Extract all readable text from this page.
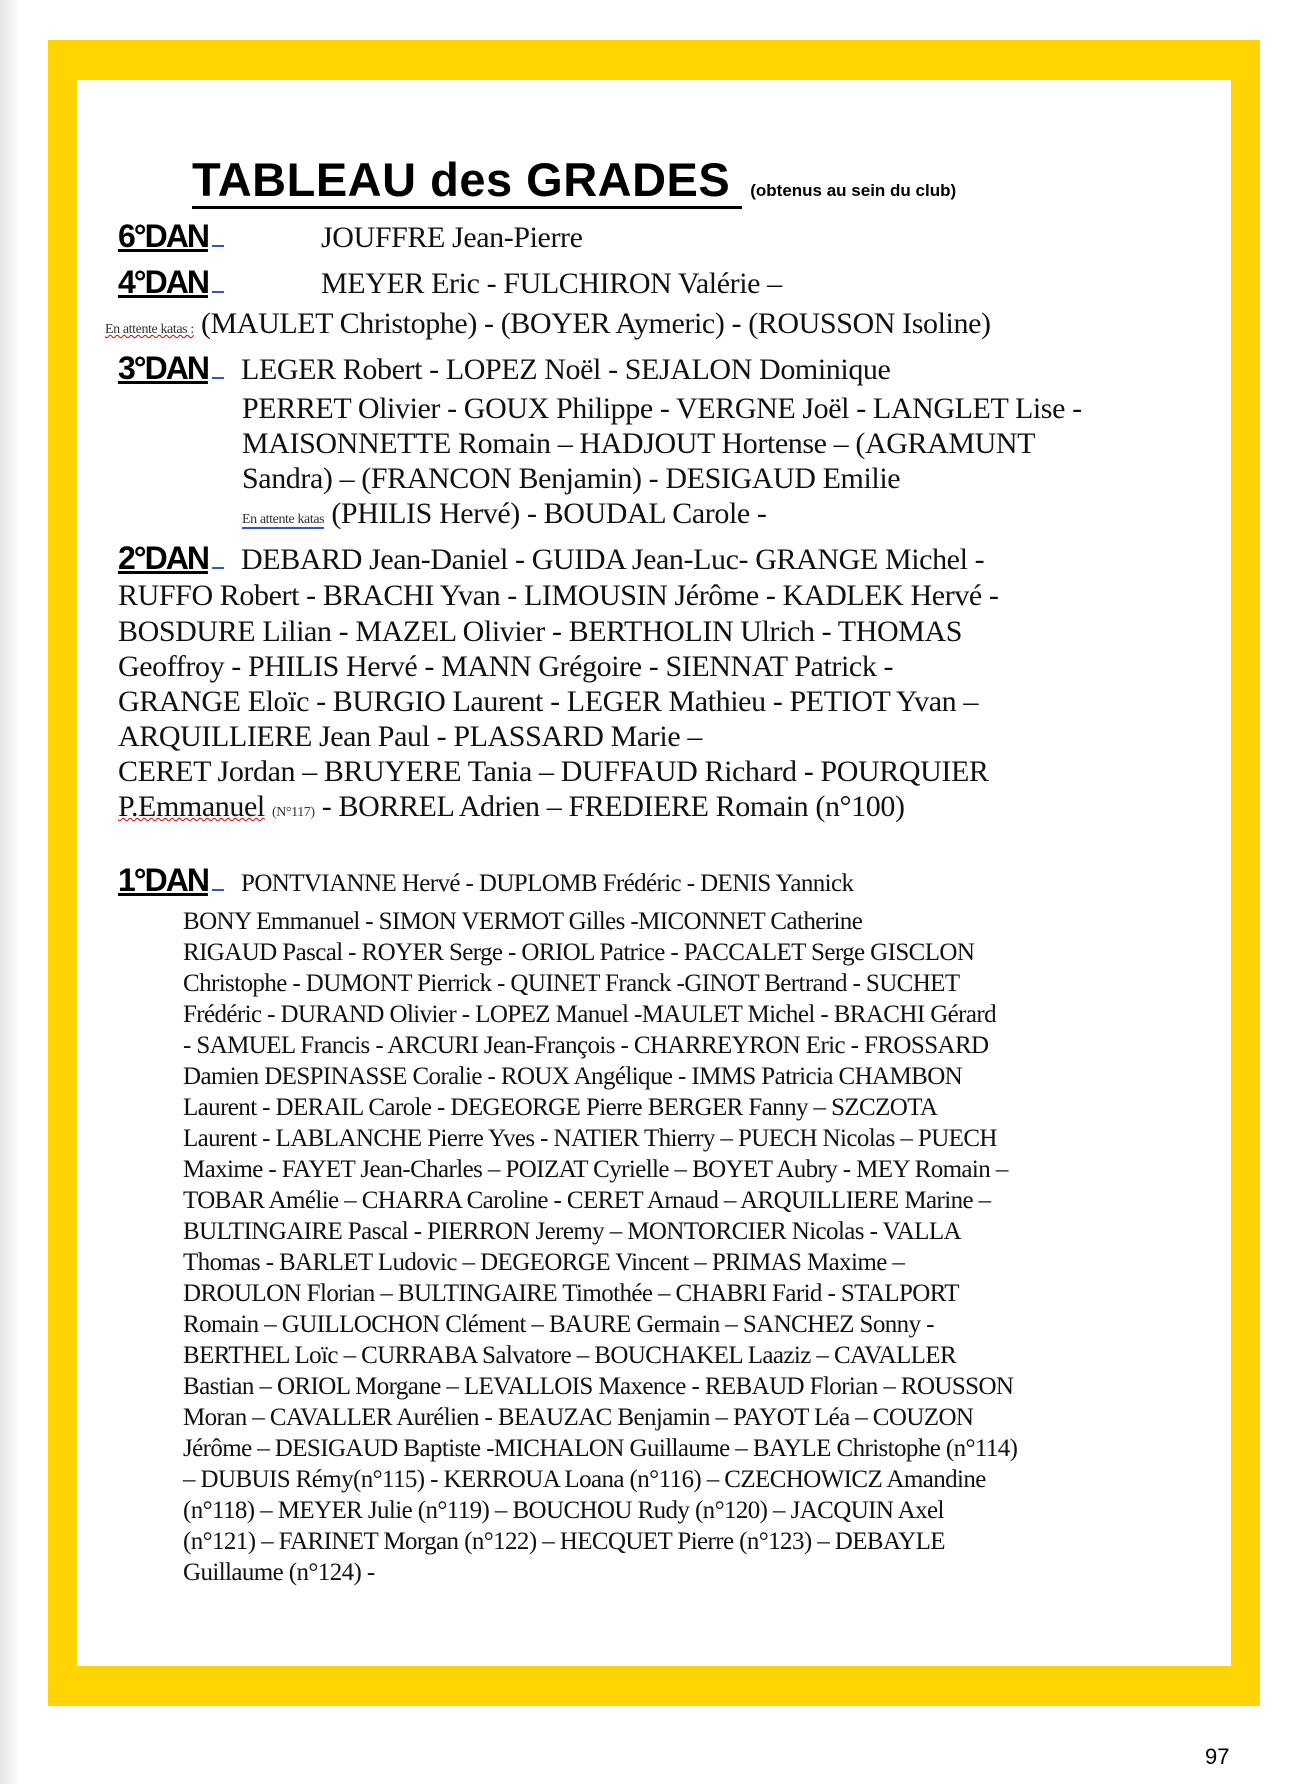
TABLEAU des GRADES (obtenus au sein du club)
6°DAN	JOUFFRE Jean-Pierre
4°DAN	MEYER Eric - FULCHIRON Valérie –
En attente katas : (MAULET Christophe) - (BOYER Aymeric) - (ROUSSON Isoline)
3°DAN LEGER Robert - LOPEZ Noël - SEJALON Dominique
PERRET Olivier - GOUX Philippe - VERGNE Joël - LANGLET Lise -
MAISONNETTE Romain – HADJOUT Hortense – (AGRAMUNT
Sandra) – (FRANCON Benjamin) - DESIGAUD Emilie
En attente katas (PHILIS Hervé) - BOUDAL Carole -
2°DAN DEBARD Jean-Daniel - GUIDA Jean-Luc- GRANGE Michel -
RUFFO Robert - BRACHI Yvan - LIMOUSIN Jérôme - KADLEK Hervé -
BOSDURE Lilian - MAZEL Olivier - BERTHOLIN Ulrich - THOMAS
Geoffroy - PHILIS Hervé - MANN Grégoire - SIENNAT Patrick -
GRANGE Eloïc - BURGIO Laurent - LEGER Mathieu - PETIOT Yvan –
ARQUILLIERE Jean Paul - PLASSARD Marie –
CERET Jordan – BRUYERE Tania – DUFFAUD Richard - POURQUIER
P.Emmanuel (N°117) - BORREL Adrien – FREDIERE Romain (n°100)
1°DAN PONTVIANNE Hervé - DUPLOMB Frédéric - DENIS Yannick
BONY Emmanuel - SIMON VERMOT Gilles -MICONNET Catherine
RIGAUD Pascal - ROYER Serge - ORIOL Patrice - PACCALET Serge GISCLON
Christophe - DUMONT Pierrick - QUINET Franck -GINOT Bertrand - SUCHET
Frédéric - DURAND Olivier - LOPEZ Manuel -MAULET Michel - BRACHI Gérard
- SAMUEL Francis - ARCURI Jean-François - CHARREYRON Eric - FROSSARD
Damien DESPINASSE Coralie - ROUX Angélique - IMMS Patricia CHAMBON
Laurent - DERAIL Carole - DEGEORGE Pierre BERGER Fanny – SZCZOTA
Laurent - LABLANCHE Pierre Yves - NATIER Thierry – PUECH Nicolas – PUECH
Maxime - FAYET Jean-Charles – POIZAT Cyrielle – BOYET Aubry - MEY Romain –
TOBAR Amélie – CHARRA Caroline - CERET Arnaud – ARQUILLIERE Marine –
BULTINGAIRE Pascal - PIERRON Jeremy – MONTORCIER Nicolas - VALLA
Thomas - BARLET Ludovic – DEGEORGE Vincent – PRIMAS Maxime –
DROULON Florian – BULTINGAIRE Timothée – CHABRI Farid - STALPORT
Romain – GUILLOCHON Clément – BAURE Germain – SANCHEZ Sonny -
BERTHEL Loïc – CURRABA Salvatore – BOUCHAKEL Laaziz – CAVALLER
Bastian – ORIOL Morgane – LEVALLOIS Maxence - REBAUD Florian – ROUSSON
Moran – CAVALLER Aurélien - BEAUZAC Benjamin – PAYOT Léa – COUZON
Jérôme – DESIGAUD Baptiste -MICHALON Guillaume – BAYLE Christophe (n°114)
– DUBUIS Rémy(n°115) - KERROUA Loana (n°116) – CZECHOWICZ Amandine
(n°118) – MEYER Julie (n°119) – BOUCHOU Rudy (n°120) – JACQUIN Axel
(n°121) – FARINET Morgan (n°122) – HECQUET Pierre (n°123) – DEBAYLE
Guillaume (n°124) -
97
